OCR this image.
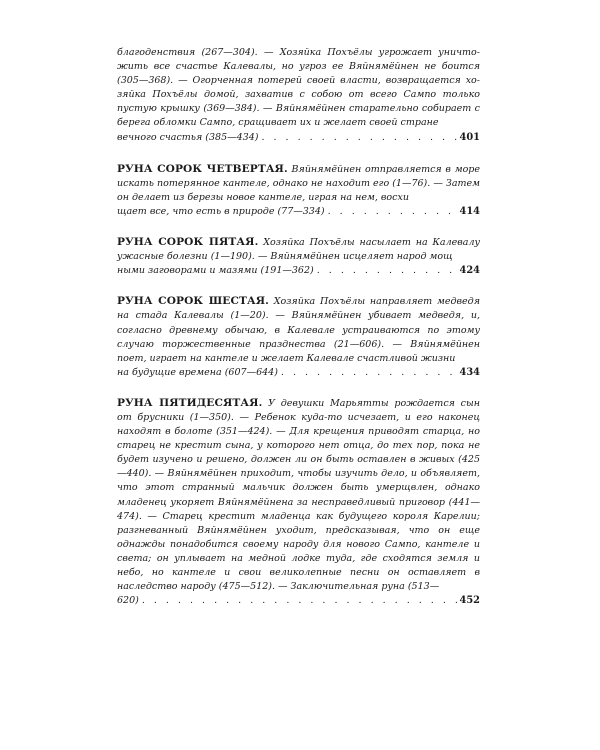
благоденствия (267—304). — Хозяйка Похъёлы угрожает уничтожить все счастье Калевалы, но угроз ее Вяйнямёйнен не боится (305—368). — Огорченная потерей своей власти, возвращается хозяйка Похъёлы домой, захватив с собою от всего Сампо только пустую крышку (369—384). — Вяйнямёйнен старательно собирает с берега обломки Сампо, сращивает их и желает своей стране
вечного счастья (385—434) . . .	401
РУНА СОРОК ЧЕТВЕРТАЯ. Вяйнямёйнен отправляется в море искать потерянное кантеле, однако не находит его (1—76). — Затем он делает из березы новое кантеле, играя на нем, восхи
щает все, что есть в природе (77—334) . . .	414
РУНА СОРОК ПЯТАЯ. Хозяйка Похъёлы насылает на Калевалу ужасные болезни (1—190). — Вяйнямёйнен исцеляет народ мощ
ными заговорами и мазями (191—362) . . .	424
РУНА СОРОК ШЕСТАЯ. Хозяйка Похъёлы направляет медведя на стада Калевалы (1—20). — Вяйнямёйнен убивает медведя, и, согласно древнему обычаю, в Калевале устраиваются по этому случаю торжественные празднества (21—606). — Вяйнямёйнен поет, играет на кантеле и желает Калевале счастливой жизни
на будущие времена (607—644) . . .	434
РУНА ПЯТИДЕСЯТАЯ. У девушки Марьятты рождается сын от брусники (1—350). — Ребенок куда-то исчезает, и его наконец находят в болоте (351—424). — Для крещения приводят старца, но старец не крестит сына, у которого нет отца, до тех пор, пока не будет изучено и решено, должен ли он быть оставлен в живых (425—440). — Вяйнямёйнен приходит, чтобы изучить дело, и объявляет, что этот странный мальчик должен быть умерщвлен, однако младенец укоряет Вяйнямёйнена за несправедливый приговор (441—474). — Старец крестит младенца как будущего короля Карелии; разгневанный Вяйнямёйнен уходит, предсказывая, что он еще однажды понадобится своему народу для нового Сампо, кантеле и света; он уплывает на медной лодке туда, где сходятся земля и небо, но кантеле и свои великолепные песни он оставляет в наследство народу (475—512). — Заключительная руна (513—
620) . . .	452
